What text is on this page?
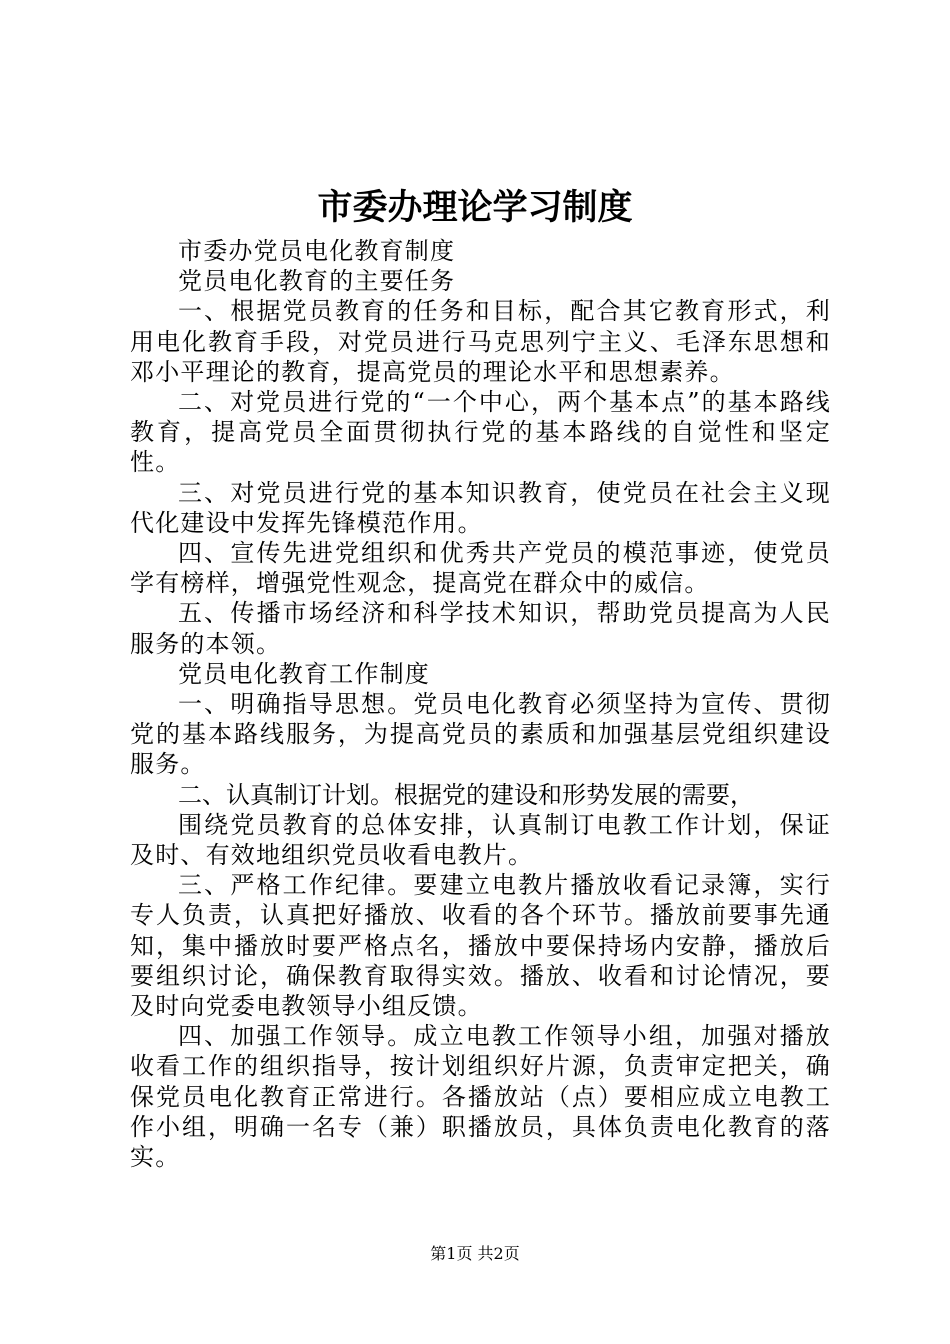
市委办理论学习制度

市委办党员电化教育制度

党员电化教育的主要任务

一、根据党员教育的任务和目标，配合其它教育形式，利用电化教育手段，对党员进行马克思列宁主义、毛泽东思想和邓小平理论的教育，提高党员的理论水平和思想素养。

二、对党员进行党的“一个中心，两个基本点”的基本路线教育，提高党员全面贯彻执行党的基本路线的自觉性和坚定性。

三、对党员进行党的基本知识教育，使党员在社会主义现代化建设中发挥先锋模范作用。

四、宣传先进党组织和优秀共产党员的模范事迹，使党员学有榜样，增强党性观念，提高党在群众中的威信。

五、传播市场经济和科学技术知识，帮助党员提高为人民服务的本领。

党员电化教育工作制度

一、明确指导思想。党员电化教育必须坚持为宣传、贯彻党的基本路线服务，为提高党员的素质和加强基层党组织建设服务。

二、认真制订计划。根据党的建设和形势发展的需要，

围绕党员教育的总体安排，认真制订电教工作计划，保证及时、有效地组织党员收看电教片。

三、严格工作纪律。要建立电教片播放收看记录簿，实行专人负责，认真把好播放、收看的各个环节。播放前要事先通知，集中播放时要严格点名，播放中要保持场内安静，播放后要组织讨论，确保教育取得实效。播放、收看和讨论情况，要及时向党委电教领导小组反馈。

四、加强工作领导。成立电教工作领导小组，加强对播放收看工作的组织指导，按计划组织好片源，负责审定把关，确保党员电化教育正常进行。各播放站（点）要相应成立电教工作小组，明确一名专（兼）职播放员，具体负责电化教育的落实。

第1页 共2页
